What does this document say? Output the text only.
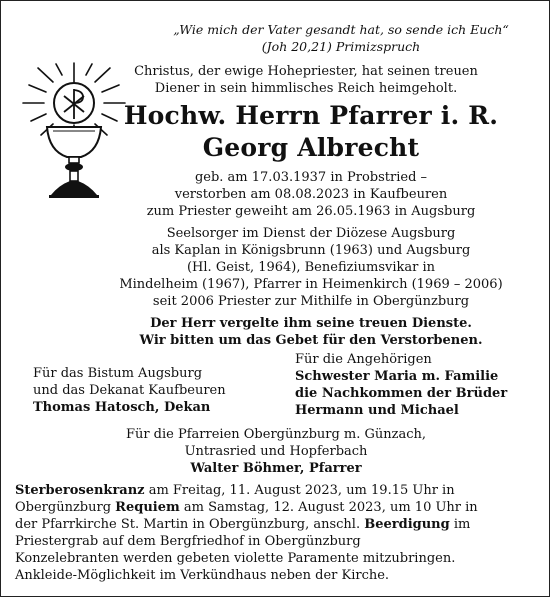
„Wie mich der Vater gesandt hat, so sende ich Euch“
(Joh 20,21) Primizspruch
Christus, der ewige Hohepriester, hat seinen treuen
Diener in sein himmlisches Reich heimgeholt.
Hochw. Herrn Pfarrer i. R.
Georg Albrecht
geb. am 17.03.1937 in Probstried –
verstorben am 08.08.2023 in Kaufbeuren
zum Priester geweiht am 26.05.1963 in Augsburg
Seelsorger im Dienst der Diözese Augsburg
als Kaplan in Königsbrunn (1963) und Augsburg
(Hl. Geist, 1964), Benefiziumsvikar in
Mindelheim (1967), Pfarrer in Heimenkirch (1969 – 2006)
seit 2006 Priester zur Mithilfe in Obergünzburg
Der Herr vergelte ihm seine treuen Dienste.
Wir bitten um das Gebet für den Verstorbenen.
Für das Bistum Augsburg
und das Dekanat Kaufbeuren
Thomas Hatosch, Dekan
Für die Angehörigen
Schwester Maria m. Familie
die Nachkommen der Brüder
Hermann und Michael
Für die Pfarreien Obergünzburg m. Günzach,
Untrasried und Hopferbach
Walter Böhmer, Pfarrer
Sterberosenkranz am Freitag, 11. August 2023, um 19.15 Uhr in
Obergünzburg Requiem am Samstag, 12. August 2023, um 10 Uhr in
der Pfarrkirche St. Martin in Obergünzburg, anschl. Beerdigung im
Priestergrab auf dem Bergfriedhof in Obergünzburg
Konzelebranten werden gebeten violette Paramente mitzubringen.
Ankleide-Möglichkeit im Verkündhaus neben der Kirche.
